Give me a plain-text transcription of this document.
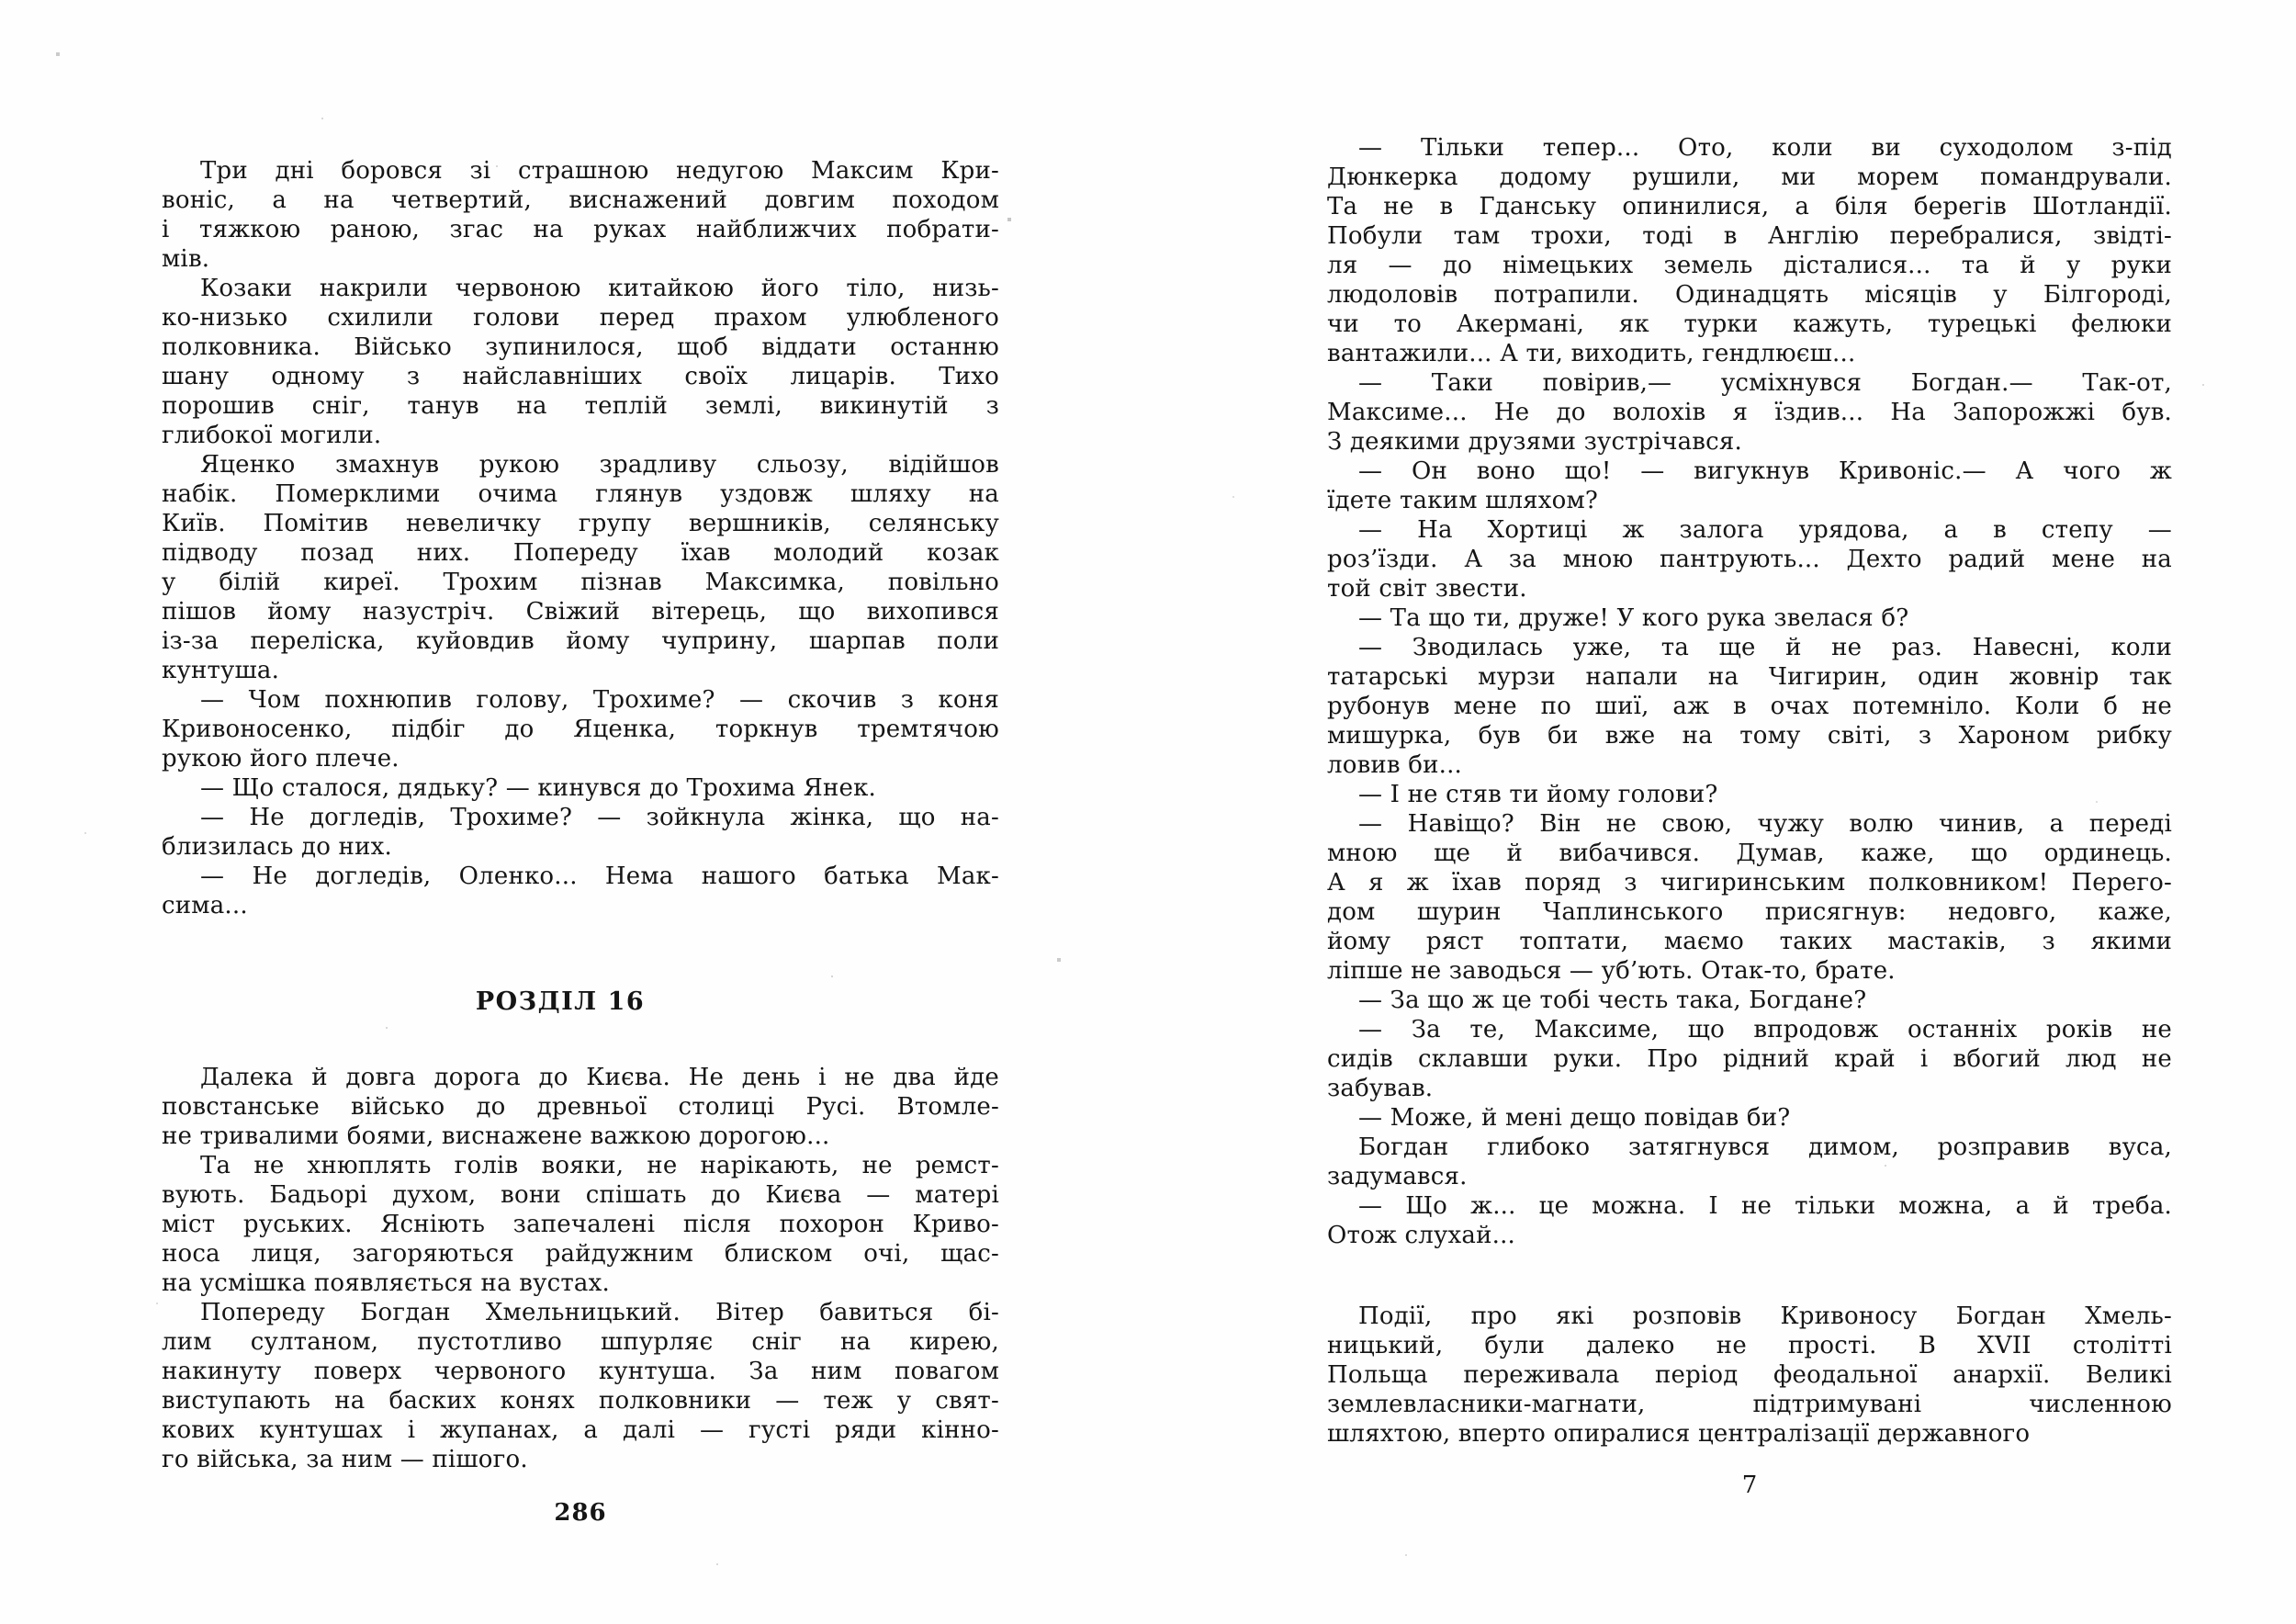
Три дні боровся зі страшною недугою Максим Кри-
воніс, а на четвертий, виснажений довгим походом
і тяжкою раною, згас на руках найближчих побрати-
мів.
Козаки накрили червоною китайкою його тіло, низь-
ко-низько схилили голови перед прахом улюбленого
полковника. Військо зупинилося, щоб віддати останню
шану одному з найславніших своїх лицарів. Тихо
порошив сніг, танув на теплій землі, викинутій з
глибокої могили.
Яценко змахнув рукою зрадливу сльозу, відійшов
набік. Померклими очима глянув уздовж шляху на
Київ. Помітив невеличку групу вершників, селянську
підводу позад них. Попереду їхав молодий козак
у білій киреї. Трохим пізнав Максимка, повільно
пішов йому назустріч. Свіжий вітерець, що вихопився
із-за переліска, куйовдив йому чуприну, шарпав поли
кунтуша.
— Чом похнюпив голову, Трохиме? — скочив з коня
Кривоносенко, підбіг до Яценка, торкнув тремтячою
рукою його плече.
— Що сталося, дядьку? — кинувся до Трохима Янек.
— Не догледів, Трохиме? — зойкнула жінка, що на-
близилась до них.
— Не догледів, Оленко... Нема нашого батька Мак-
сима...
РОЗДІЛ 16
Далека й довга дорога до Києва. Не день і не два йде
повстанське військо до древньої столиці Русі. Втомле-
не тривалими боями, виснажене важкою дорогою...
Та не хнюплять голів вояки, не нарікають, не ремст-
вують. Бадьорі духом, вони спішать до Києва — матері
міст руських. Ясніють запечалені після похорон Криво-
носа лиця, загоряються райдужним блиском очі, щас-
на усмішка появляється на вустах.
Попереду Богдан Хмельницький. Вітер бавиться бі-
лим султаном, пустотливо шпурляє сніг на кирею,
накинуту поверх червоного кунтуша. За ним повагом
виступають на баских конях полковники — теж у свят-
кових кунтушах і жупанах, а далі — густі ряди кінно-
го війська, за ним — пішого.
286
— Тільки тепер... Ото, коли ви суходолом з-під
Дюнкерка додому рушили, ми морем помандрували.
Та не в Гданську опинилися, а біля берегів Шотландії.
Побули там трохи, тоді в Англію перебралися, звідті-
ля — до німецьких земель дісталися... та й у руки
людоловів потрапили. Одинадцять місяців у Білгороді,
чи то Акермані, як турки кажуть, турецькі фелюки
вантажили... А ти, виходить, гендлюєш...
— Таки повірив,— усміхнувся Богдан.— Так-от,
Максиме... Не до волохів я їздив... На Запорожжі був.
З деякими друзями зустрічався.
— Он воно що! — вигукнув Кривоніс.— А чого ж
їдете таким шляхом?
— На Хортиці ж залога урядова, а в степу —
роз’їзди. А за мною пантрують... Дехто радий мене на
той світ звести.
— Та що ти, друже! У кого рука звелася б?
— Зводилась уже, та ще й не раз. Навесні, коли
татарські мурзи напали на Чигирин, один жовнір так
рубонув мене по шиї, аж в очах потемніло. Коли б не
мишурка, був би вже на тому світі, з Хароном рибку
ловив би...
— І не стяв ти йому голови?
— Навіщо? Він не свою, чужу волю чинив, а переді
мною ще й вибачився. Думав, каже, що ординець.
А я ж їхав поряд з чигиринським полковником! Перего-
дом шурин Чаплинського присягнув: недовго, каже,
йому ряст топтати, маємо таких мастаків, з якими
ліпше не заводься — уб’ють. Отак-то, брате.
— За що ж це тобі честь така, Богдане?
— За те, Максиме, що впродовж останніх років не
сидів склавши руки. Про рідний край і вбогий люд не
забував.
— Може, й мені дещо повідав би?
Богдан глибоко затягнувся димом, розправив вуса,
задумався.
— Що ж... це можна. І не тільки можна, а й треба.
Отож слухай...
Події, про які розповів Кривоносу Богдан Хмель-
ницький, були далеко не прості. В XVII столітті
Польща переживала період феодальної анархії. Великі
землевласники-магнати, підтримувані численною
шляхтою, вперто опиралися централізації державного
7
